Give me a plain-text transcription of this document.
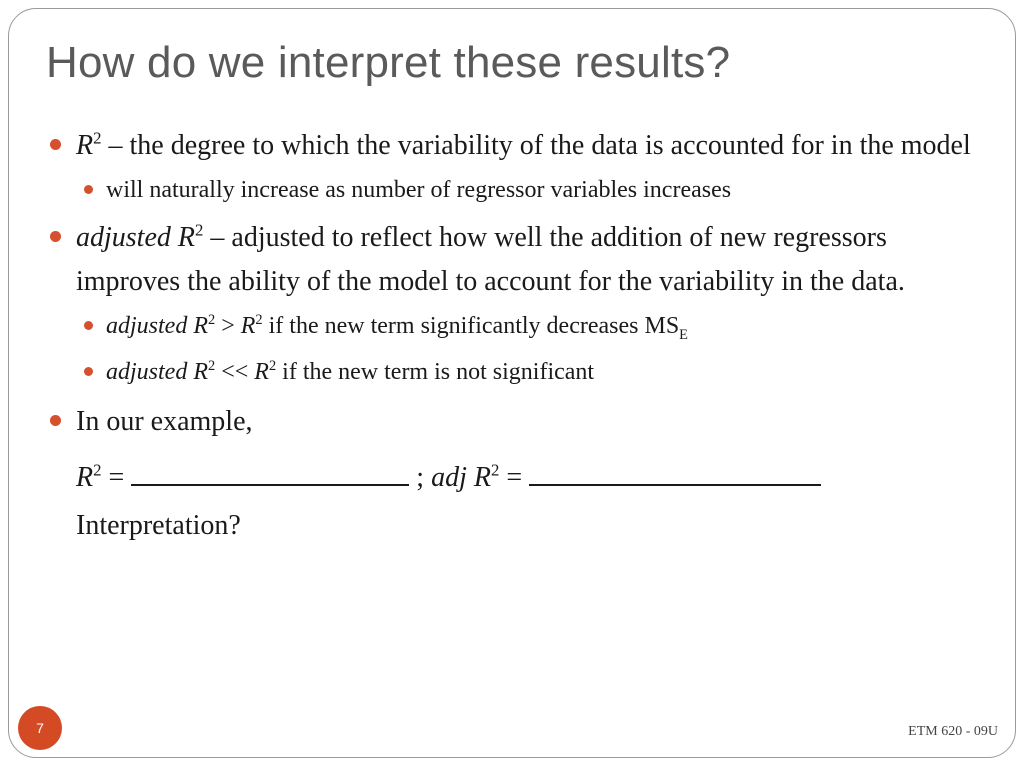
How do we interpret these results?
$R^2$ – the degree to which the variability of the data is accounted for in the model
will naturally increase as number of regressor variables increases
adjusted $R^2$ – adjusted to reflect how well the addition of new regressors improves the ability of the model to account for the variability in the data.
adjusted $R^2 > R^2$ if the new term significantly decreases $MS_E$
adjusted $R^2 << R^2$ if the new term is not significant
In our example,
$R^2$ =	; adj $R^2$ =
Interpretation?
7	ETM 620 - 09U
